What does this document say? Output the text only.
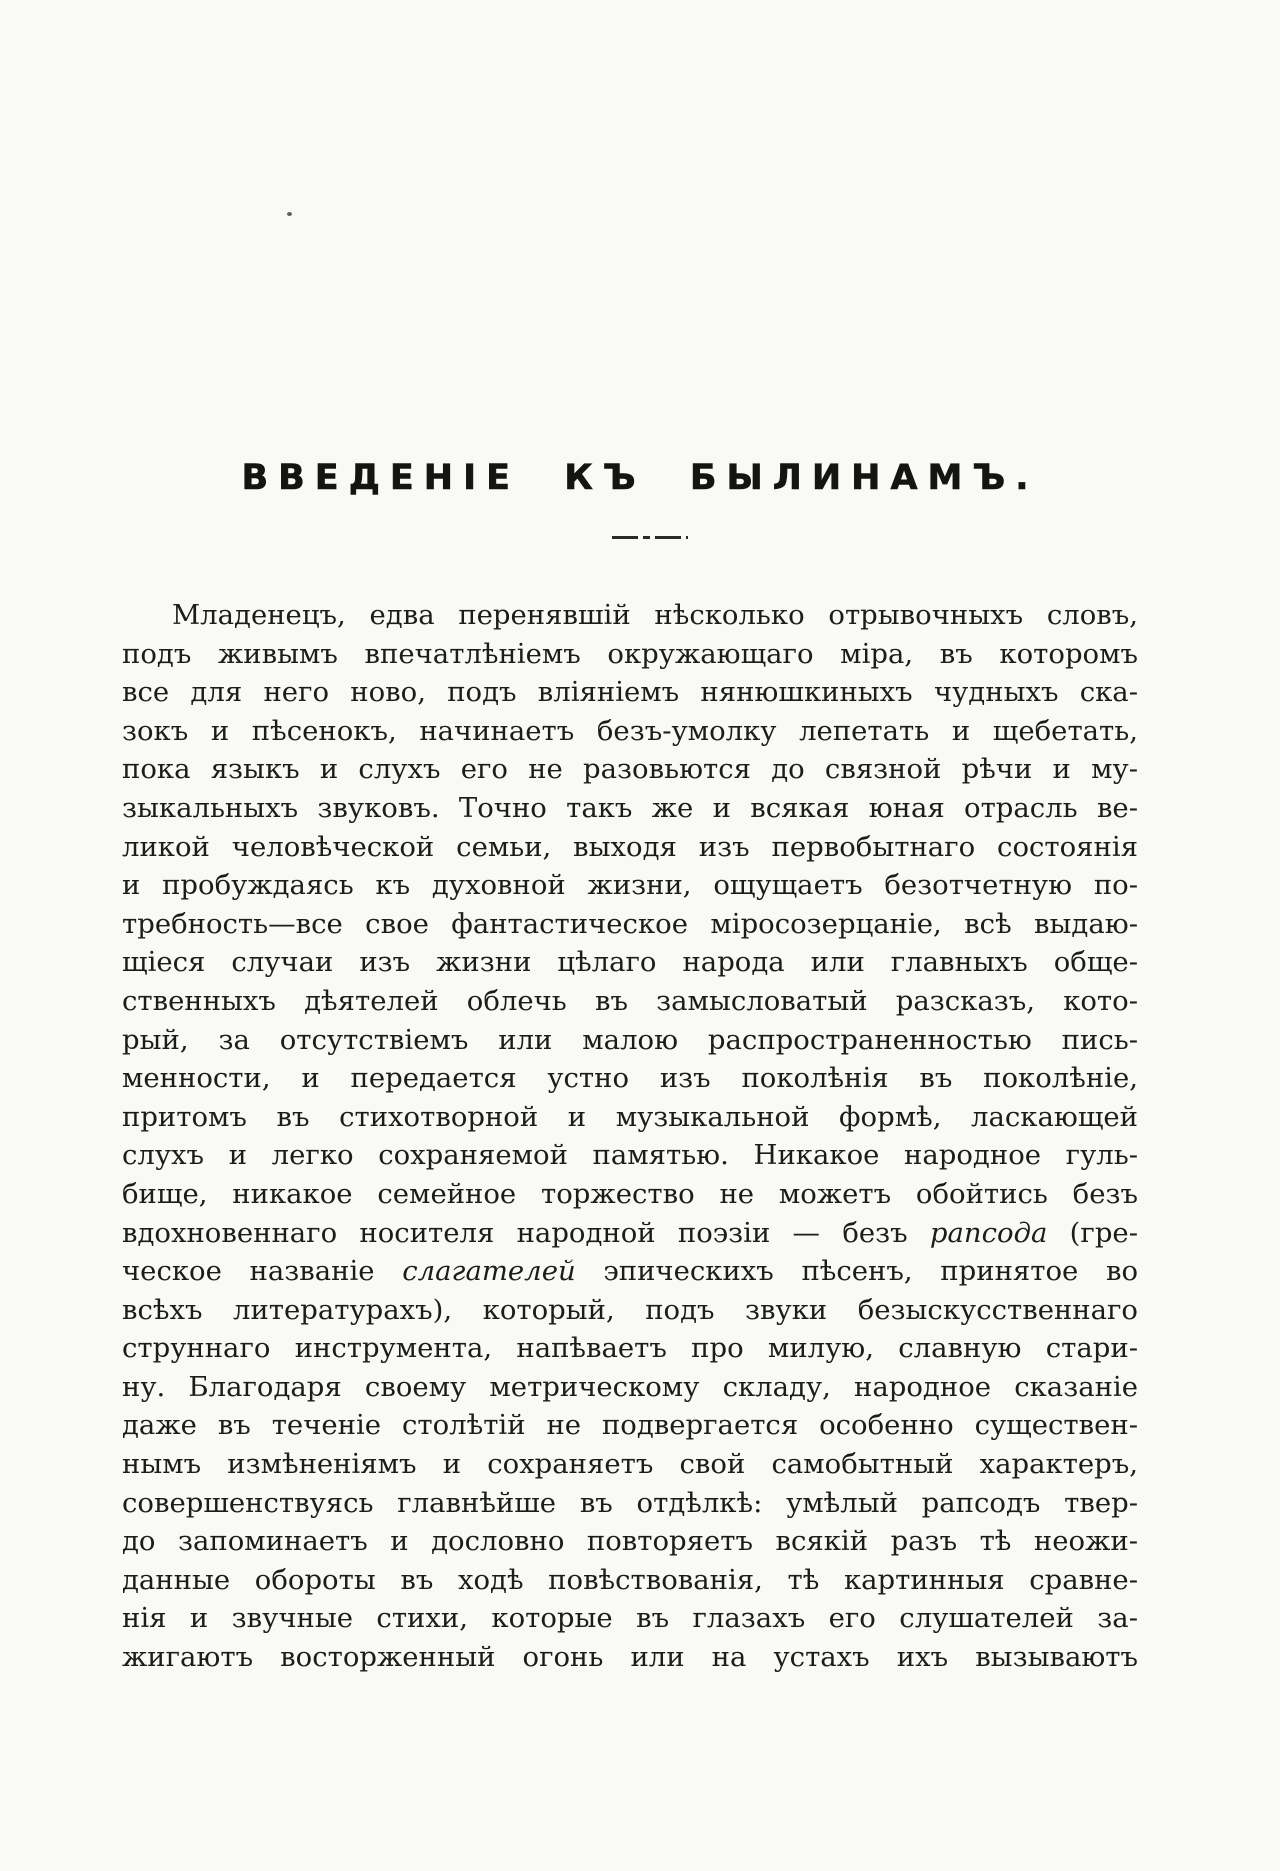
ВВЕДЕНІЕ КЪ БЫЛИНАМЪ.
Младенецъ, едва перенявшій нѣсколько отрывочныхъ словъ,
подъ живымъ впечатлѣніемъ окружающаго міра, въ которомъ
все для него ново, подъ вліяніемъ нянюшкиныхъ чудныхъ ска-
зокъ и пѣсенокъ, начинаетъ безъ-умолку лепетать и щебетать,
пока языкъ и слухъ его не разовьются до связной рѣчи и му-
зыкальныхъ звуковъ. Точно такъ же и всякая юная отрасль ве-
ликой человѣческой семьи, выходя изъ первобытнаго состоянія
и пробуждаясь къ духовной жизни, ощущаетъ безотчетную по-
требность—все свое фантастическое міросозерцаніе, всѣ выдаю-
щіеся случаи изъ жизни цѣлаго народа или главныхъ обще-
ственныхъ дѣятелей облечь въ замысловатый разсказъ, кото-
рый, за отсутствіемъ или малою распространенностью пись-
менности, и передается устно изъ поколѣнія въ поколѣніе,
притомъ въ стихотворной и музыкальной формѣ, ласкающей
слухъ и легко сохраняемой памятью. Никакое народное гуль-
бище, никакое семейное торжество не можетъ обойтись безъ
вдохновеннаго носителя народной поэзіи — безъ рапсода (гре-
ческое названіе слагателей эпическихъ пѣсенъ, принятое во
всѣхъ литературахъ), который, подъ звуки безыскусственнаго
струннаго инструмента, напѣваетъ про милую, славную стари-
ну. Благодаря своему метрическому складу, народное сказаніе
даже въ теченіе столѣтій не подвергается особенно существен-
нымъ измѣненіямъ и сохраняетъ свой самобытный характеръ,
совершенствуясь главнѣйше въ отдѣлкѣ: умѣлый рапсодъ твер-
до запоминаетъ и дословно повторяетъ всякій разъ тѣ неожи-
данные обороты въ ходѣ повѣствованія, тѣ картинныя сравне-
нія и звучные стихи, которые въ глазахъ его слушателей за-
жигаютъ восторженный огонь или на устахъ ихъ вызываютъ
